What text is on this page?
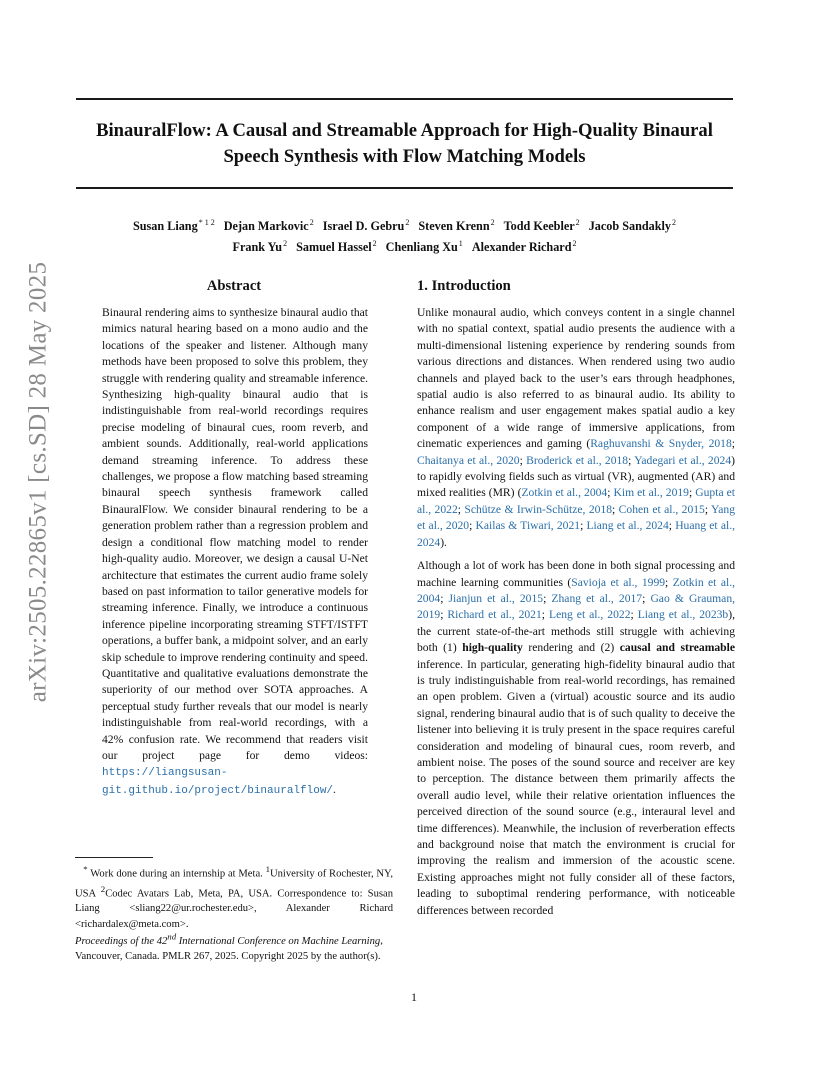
BinauralFlow: A Causal and Streamable Approach for High-Quality Binaural Speech Synthesis with Flow Matching Models
Susan Liang$^{* 1 2}$ Dejan Markovic$^2$ Israel D. Gebru$^2$ Steven Krenn$^2$ Todd Keebler$^2$ Jacob Sandakly$^2$
Frank Yu$^2$ Samuel Hassel$^2$ Chenliang Xu$^1$ Alexander Richard$^2$
arXiv:2505.22865v1 [cs.SD] 28 May 2025	Abstract
Binaural rendering aims to synthesize binaural audio that mimics natural hearing based on a mono audio and the locations of the speaker and listener. Although many methods have been proposed to solve this problem, they struggle with rendering quality and streamable inference. Synthesizing high-quality binaural audio that is indistinguishable from real-world recordings requires precise modeling of binaural cues, room reverb, and ambient sounds. Additionally, real-world applications demand streaming inference. To address these challenges, we propose a flow matching based streaming binaural speech synthesis framework called BinauralFlow. We consider binaural rendering to be a generation problem rather than a regression problem and design a conditional flow matching model to render high-quality audio. Moreover, we design a causal U-Net architecture that estimates the current audio frame solely based on past information to tailor generative models for streaming inference. Finally, we introduce a continuous inference pipeline incorporating streaming STFT/ISTFT operations, a buffer bank, a midpoint solver, and an early skip schedule to improve rendering continuity and speed. Quantitative and qualitative evaluations demonstrate the superiority of our method over SOTA approaches. A perceptual study further reveals that our model is nearly indistinguishable from real-world recordings, with a 42% confusion rate. We recommend that readers visit our project page for demo videos: https://liangsusan-git.github.io/project/binauralflow/.
1. Introduction

Unlike monaural audio, which conveys content in a single channel with no spatial context, spatial audio presents the audience with a multi-dimensional listening experience by rendering sounds from various directions and distances. When rendered using two audio channels and played back to the user’s ears through headphones, spatial audio is also referred to as binaural audio. Its ability to enhance realism and user engagement makes spatial audio a key component of a wide range of immersive applications, from cinematic experiences and gaming (Raghuvanshi & Snyder, 2018; Chaitanya et al., 2020; Broderick et al., 2018; Yadegari et al., 2024) to rapidly evolving fields such as virtual (VR), augmented (AR) and mixed realities (MR) (Zotkin et al., 2004; Kim et al., 2019; Gupta et al., 2022; Schütze & Irwin-Schütze, 2018; Cohen et al., 2015; Yang et al., 2020; Kailas & Tiwari, 2021; Liang et al., 2024; Huang et al., 2024).

Although a lot of work has been done in both signal processing and machine learning communities (Savioja et al., 1999; Zotkin et al., 2004; Jianjun et al., 2015; Zhang et al., 2017; Gao & Grauman, 2019; Richard et al., 2021; Leng et al., 2022; Liang et al., 2023b), the current state-of-the-art methods still struggle with achieving both (1) high-quality rendering and (2) causal and streamable inference. In particular, generating high-fidelity binaural audio that is truly indistinguishable from real-world recordings, has remained an open problem. Given a (virtual) acoustic source and its audio signal, rendering binaural audio that is of such quality to deceive the listener into believing it is truly present in the space requires careful consideration and modeling of binaural cues, room reverb, and ambient noise. The poses of the sound source and receiver are key to perception. The distance between them primarily affects the overall audio level, while their relative orientation influences the perceived direction of the sound source (e.g., interaural level and time differences). Meanwhile, the inclusion of reverberation effects and background noise that match the environment is crucial for improving the realism and immersion of the acoustic scene. Existing approaches might not fully consider all of these factors, leading to suboptimal rendering performance, with noticeable differences between recorded

* Work done during an internship at Meta. $^1$University of Rochester, NY, USA $^2$Codec Avatars Lab, Meta, PA, USA. Correspondence to: Susan Liang <sliang22@ur.rochester.edu>, Alexander Richard <richardalex@meta.com>.
Proceedings of the 42nd International Conference on Machine Learning, Vancouver, Canada. PMLR 267, 2025. Copyright 2025 by the author(s).
1
